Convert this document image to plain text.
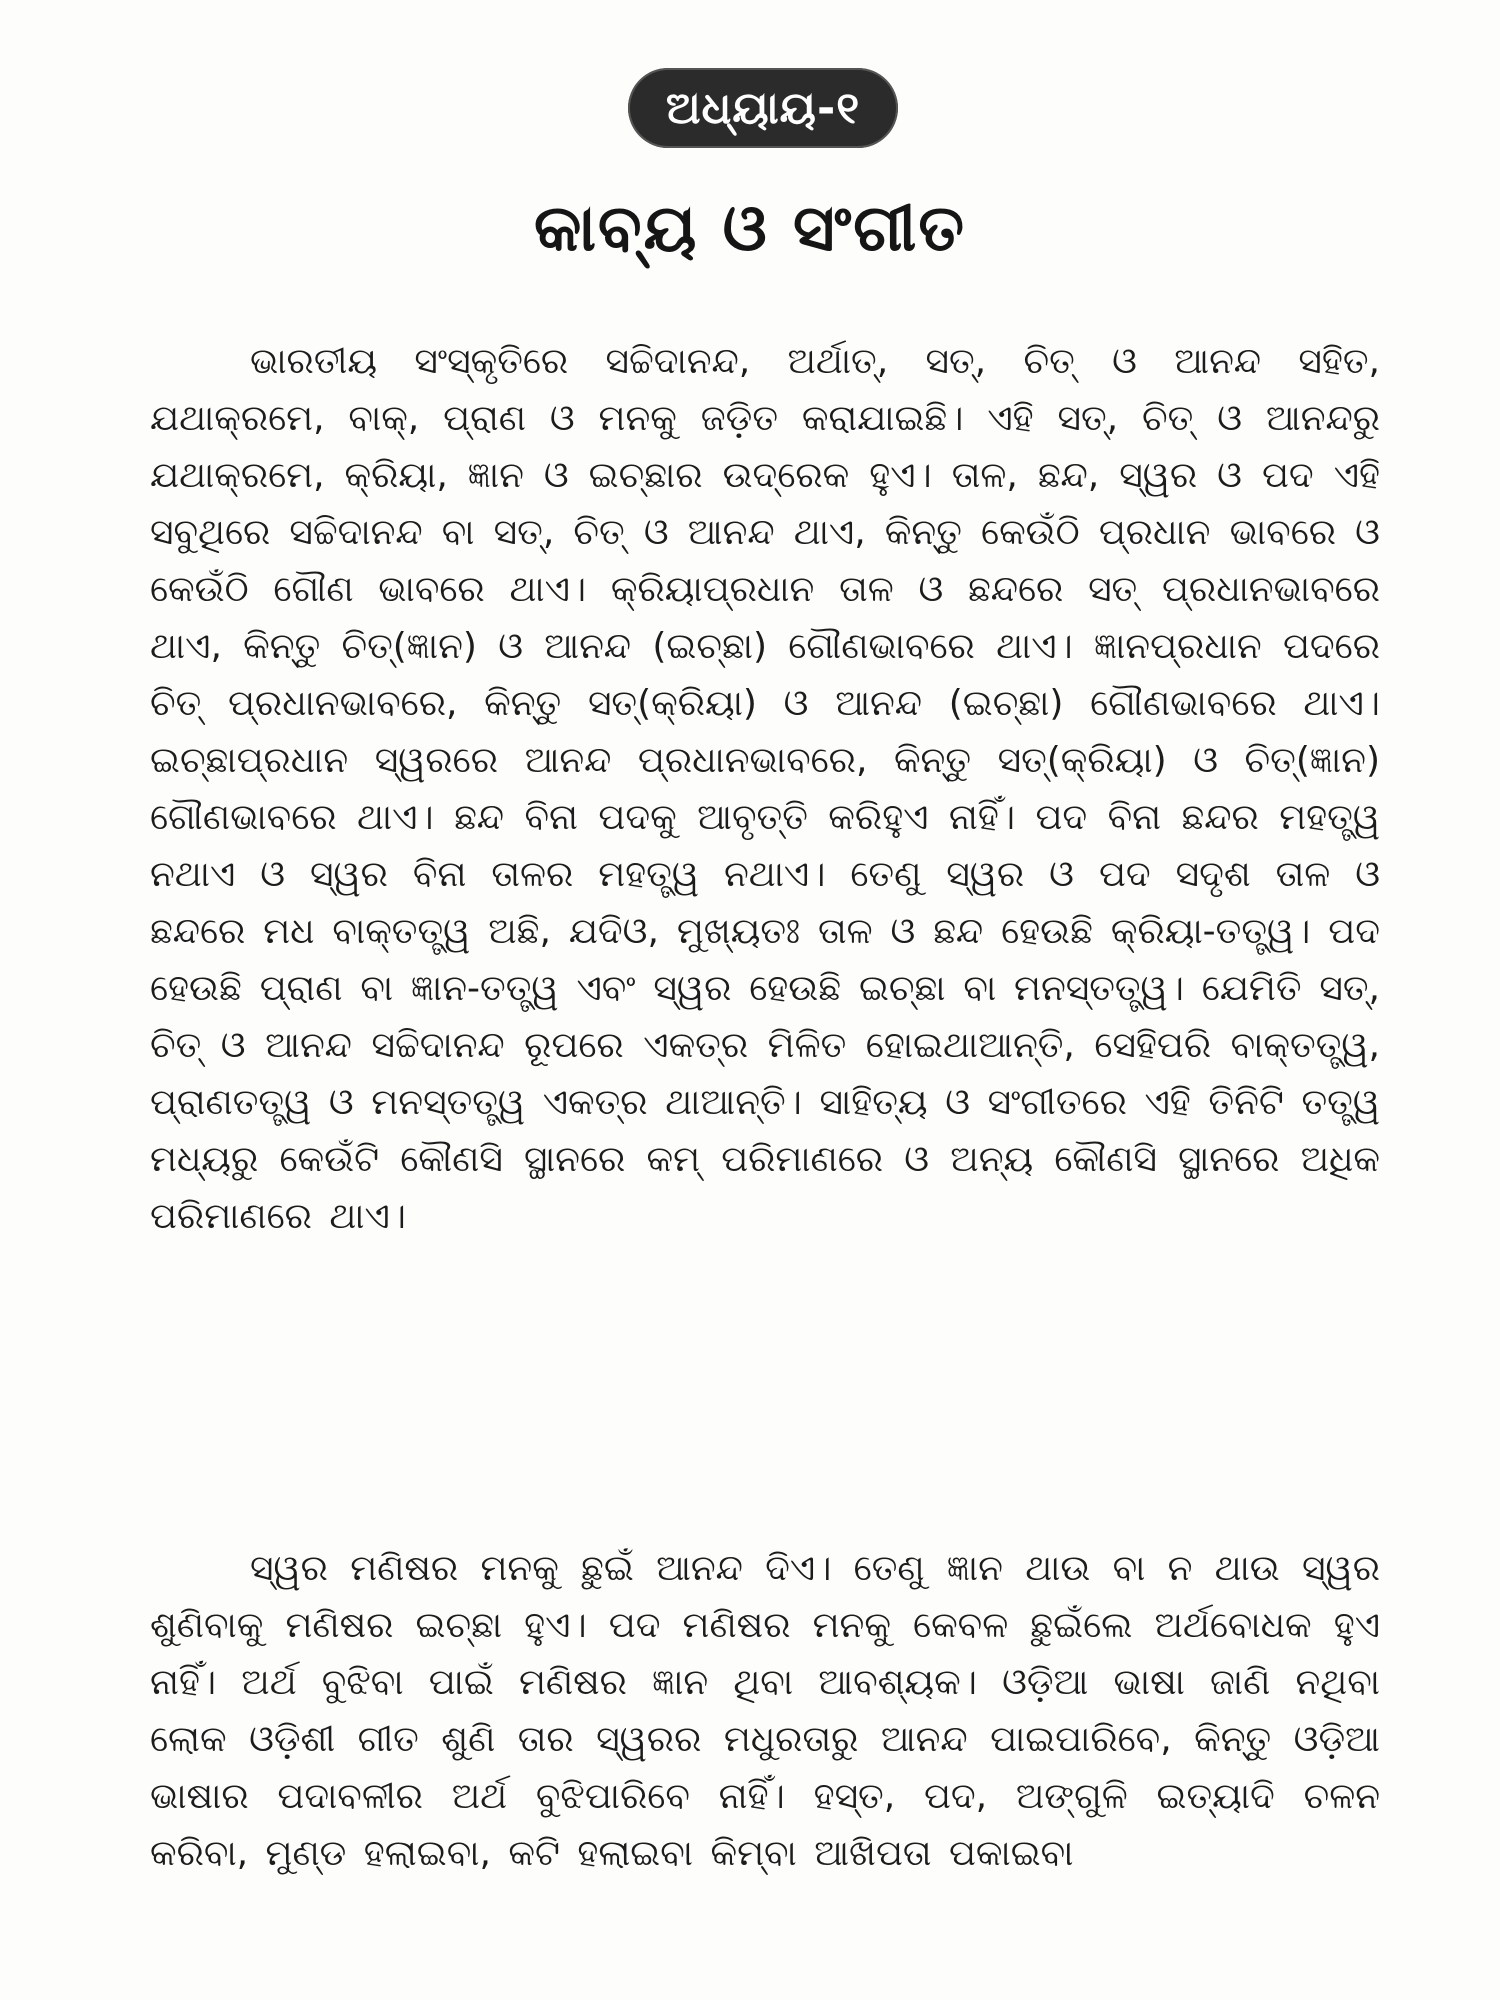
ଅଧ୍ୟାୟ-୧
କାବ୍ୟ ଓ ସଂଗୀତ
ଭାରତୀୟ ସଂସ୍କୃତିରେ ସଚ୍ଚିଦାନନ୍ଦ, ଅର୍ଥାତ୍, ସତ୍, ଚିତ୍ ଓ ଆନନ୍ଦ ସହିତ, ଯଥାକ୍ରମେ, ବାକ୍, ପ୍ରାଣ ଓ ମନକୁ ଜଡ଼ିତ କରାଯାଇଛି। ଏହି ସତ୍, ଚିତ୍ ଓ ଆନନ୍ଦରୁ ଯଥାକ୍ରମେ, କ୍ରିୟା, ଜ୍ଞାନ ଓ ଇଚ୍ଛାର ଉଦ୍ରେକ ହୁଏ। ତାଳ, ଛନ୍ଦ, ସ୍ୱର ଓ ପଦ ଏହି ସବୁଥିରେ ସଚ୍ଚିଦାନନ୍ଦ ବା ସତ୍, ଚିତ୍ ଓ ଆନନ୍ଦ ଥାଏ, କିନ୍ତୁ କେଉଁଠି ପ୍ରଧାନ ଭାବରେ ଓ କେଉଁଠି ଗୌଣ ଭାବରେ ଥାଏ। କ୍ରିୟାପ୍ରଧାନ ତାଳ ଓ ଛନ୍ଦରେ ସତ୍ ପ୍ରଧାନଭାବରେ ଥାଏ, କିନ୍ତୁ ଚିତ୍(ଜ୍ଞାନ) ଓ ଆନନ୍ଦ (ଇଚ୍ଛା) ଗୌଣଭାବରେ ଥାଏ। ଜ୍ଞାନପ୍ରଧାନ ପଦରେ ଚିତ୍ ପ୍ରଧାନଭାବରେ, କିନ୍ତୁ ସତ୍(କ୍ରିୟା) ଓ ଆନନ୍ଦ (ଇଚ୍ଛା) ଗୌଣଭାବରେ ଥାଏ। ଇଚ୍ଛାପ୍ରଧାନ ସ୍ୱରରେ ଆନନ୍ଦ ପ୍ରଧାନଭାବରେ, କିନ୍ତୁ ସତ୍(କ୍ରିୟା) ଓ ଚିତ୍(ଜ୍ଞାନ) ଗୌଣଭାବରେ ଥାଏ। ଛନ୍ଦ ବିନା ପଦକୁ ଆବୃତ୍ତି କରିହୁଏ ନାହିଁ। ପଦ ବିନା ଛନ୍ଦର ମହତ୍ତ୍ୱ ନଥାଏ ଓ ସ୍ୱର ବିନା ତାଳର ମହତ୍ତ୍ୱ ନଥାଏ। ତେଣୁ ସ୍ୱର ଓ ପଦ ସଦୃଶ ତାଳ ଓ ଛନ୍ଦରେ ମଧ ବାକ୍‌ତତ୍ତ୍ୱ ଅଛି, ଯଦିଓ, ମୁଖ୍ୟତଃ ତାଳ ଓ ଛନ୍ଦ ହେଉଛି କ୍ରିୟା-ତତ୍ତ୍ୱ। ପଦ ହେଉଛି ପ୍ରାଣ ବା ଜ୍ଞାନ-ତତ୍ତ୍ୱ ଏବଂ ସ୍ୱର ହେଉଛି ଇଚ୍ଛା ବା ମନସ୍ତତ୍ତ୍ୱ। ଯେମିତି ସତ୍, ଚିତ୍ ଓ ଆନନ୍ଦ ସଚ୍ଚିଦାନନ୍ଦ ରୂପରେ ଏକତ୍ର ମିଳିତ ହୋଇଥାଆନ୍ତି, ସେହିପରି ବାକ୍‌ତତ୍ତ୍ୱ, ପ୍ରାଣତତ୍ତ୍ୱ ଓ ମନସ୍ତତ୍ତ୍ୱ ଏକତ୍ର ଥାଆନ୍ତି। ସାହିତ୍ୟ ଓ ସଂଗୀତରେ ଏହି ତିନିଟି ତତ୍ତ୍ୱ ମଧ୍ୟରୁ କେଉଁଟି କୌଣସି ସ୍ଥାନରେ କମ୍ ପରିମାଣରେ ଓ ଅନ୍ୟ କୌଣସି ସ୍ଥାନରେ ଅଧିକ ପରିମାଣରେ ଥାଏ।
ସ୍ୱର ମଣିଷର ମନକୁ ଛୁଇଁ ଆନନ୍ଦ ଦିଏ। ତେଣୁ ଜ୍ଞାନ ଥାଉ ବା ନ ଥାଉ ସ୍ୱର ଶୁଣିବାକୁ ମଣିଷର ଇଚ୍ଛା ହୁଏ। ପଦ ମଣିଷର ମନକୁ କେବଳ ଛୁଇଁଲେ ଅର୍ଥବୋଧକ ହୁଏ ନାହିଁ। ଅର୍ଥ ବୁଝିବା ପାଇଁ ମଣିଷର ଜ୍ଞାନ ଥିବା ଆବଶ୍ୟକ। ଓଡ଼ିଆ ଭାଷା ଜାଣି ନଥିବା ଲୋକ ଓଡ଼ିଶୀ ଗୀତ ଶୁଣି ତାର ସ୍ୱରର ମଧୁରତାରୁ ଆନନ୍ଦ ପାଇପାରିବେ, କିନ୍ତୁ ଓଡ଼ିଆ ଭାଷାର ପଦାବଳୀର ଅର୍ଥ ବୁଝିପାରିବେ ନାହିଁ। ହସ୍ତ, ପଦ, ଅଙ୍ଗୁଳି ଇତ୍ୟାଦି ଚଳନ କରିବା, ମୁଣ୍ଡ ହଲାଇବା, କଟି ହଲାଇବା କିମ୍ବା ଆଖିପତା ପକାଇବା
